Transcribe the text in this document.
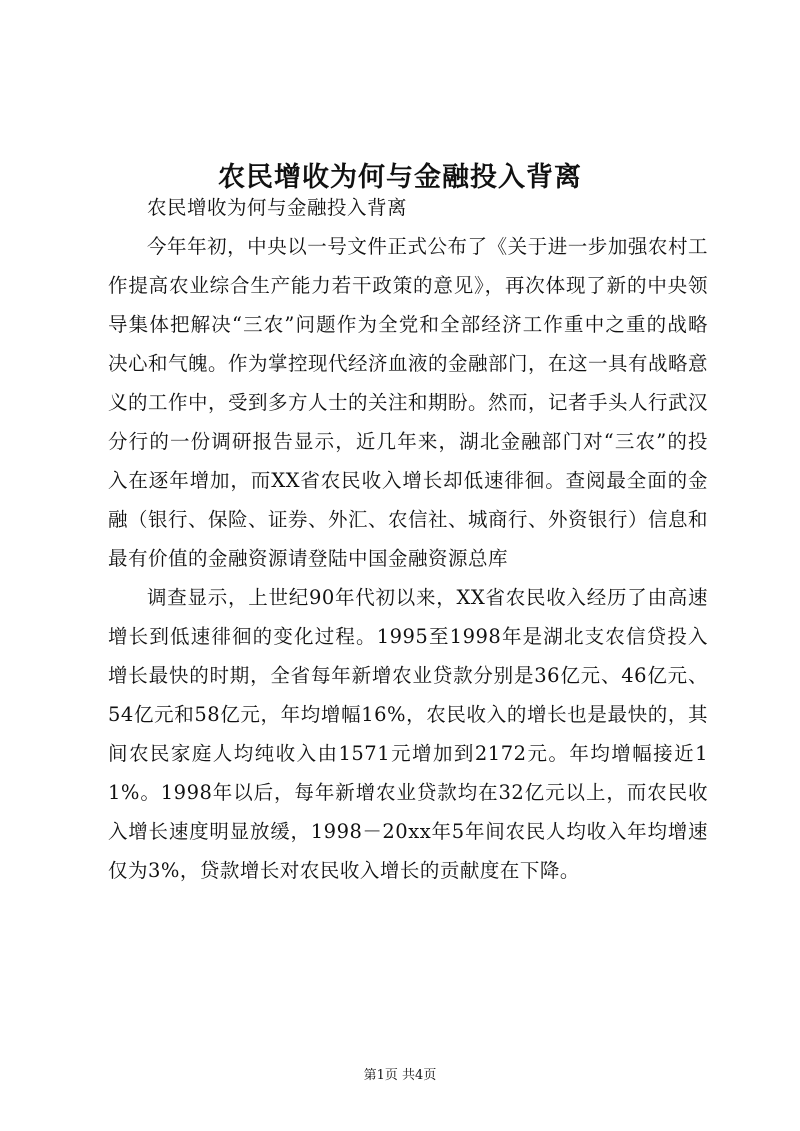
农民增收为何与金融投入背离

农民增收为何与金融投入背离

今年年初，中央以一号文件正式公布了《关于进一步加强农村工作提高农业综合生产能力若干政策的意见》，再次体现了新的中央领导集体把解决“三农”问题作为全党和全部经济工作重中之重的战略决心和气魄。作为掌控现代经济血液的金融部门，在这一具有战略意义的工作中，受到多方人士的关注和期盼。然而，记者手头人行武汉分行的一份调研报告显示，近几年来，湖北金融部门对“三农”的投入在逐年增加，而XX省农民收入增长却低速徘徊。查阅最全面的金融（银行、保险、证券、外汇、农信社、城商行、外资银行）信息和最有价值的金融资源请登陆中国金融资源总库

调查显示，上世纪90年代初以来，XX省农民收入经历了由高速增长到低速徘徊的变化过程。1995至1998年是湖北支农信贷投入增长最快的时期，全省每年新增农业贷款分别是36亿元、46亿元、54亿元和58亿元，年均增幅16%，农民收入的增长也是最快的，其间农民家庭人均纯收入由1571元增加到2172元。年均增幅接近11%。1998年以后，每年新增农业贷款均在32亿元以上，而农民收入增长速度明显放缓，1998－20xx年5年间农民人均收入年均增速仅为3%，贷款增长对农民收入增长的贡献度在下降。

第1页 共4页
